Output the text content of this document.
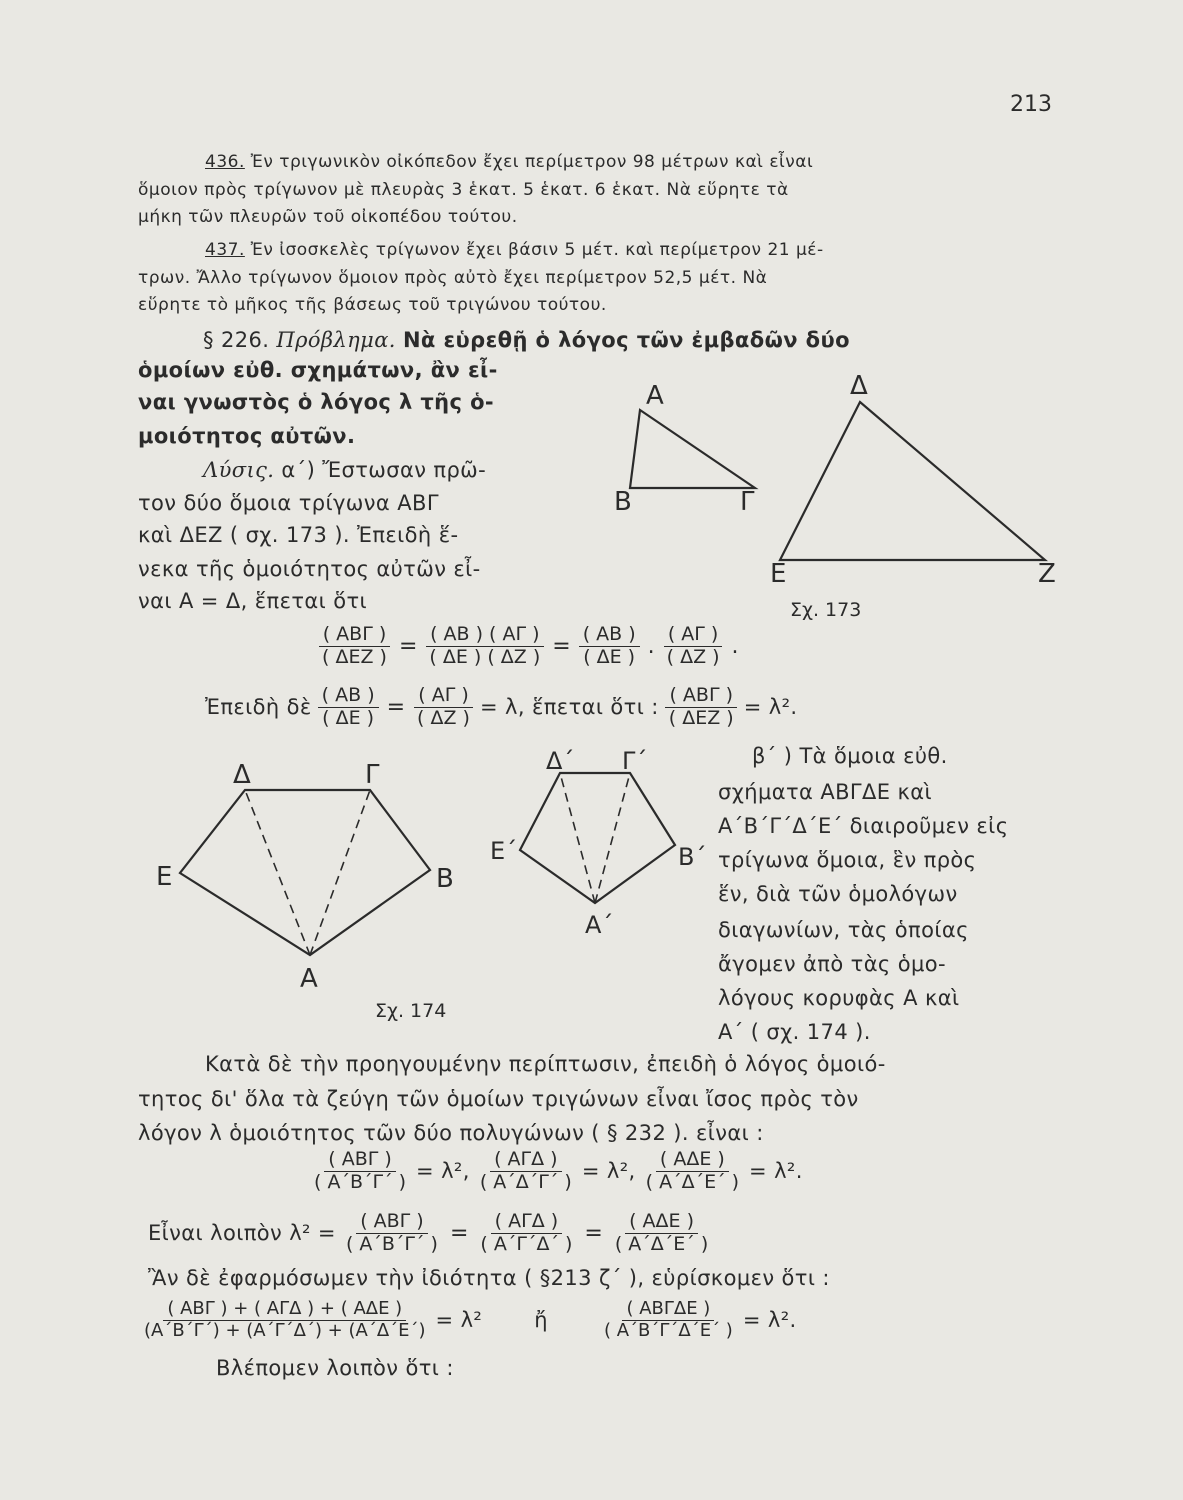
213
436. Ἐν τριγωνικὸν οἰκόπεδον ἔχει περίμετρον 98 μέτρων καὶ εἶναι
ὅμοιον πρὸς τρίγωνον μὲ πλευρὰς 3 ἑκατ. 5 ἑκατ. 6 ἑκατ. Νὰ εὕρητε τὰ
μήκη τῶν πλευρῶν τοῦ οἰκοπέδου τούτου.
437. Ἐν ἰσοσκελὲς τρίγωνον ἔχει βάσιν 5 μέτ. καὶ περίμετρον 21 μέ-
τρων. Ἄλλο τρίγωνον ὅμοιον πρὸς αὐτὸ ἔχει περίμετρον 52,5 μέτ. Νὰ
εὕρητε τὸ μῆκος τῆς βάσεως τοῦ τριγώνου τούτου.
§ 226. Πρόβλημα. Νὰ εὑρεθῇ ὁ λόγος τῶν ἐμβαδῶν δύο
ὁμοίων εὐθ. σχημάτων, ἂν εἶ-
ναι γνωστὸς ὁ λόγος λ τῆς ὁ-
μοιότητος αὐτῶν.
Λύσις. α΄) Ἔστωσαν πρῶ-
τον δύο ὅμοια τρίγωνα ΑΒΓ
καὶ ΔΕΖ ( σχ. 173 ). Ἐπειδὴ ἕ-
νεκα τῆς ὁμοιότητος αὐτῶν εἶ-
ναι Α = Δ, ἕπεται ὅτι
Α
Β	Γ
Δ
Ε	Ζ
Σχ. 173
$\frac{\text{( ΑΒΓ )}}{\text{( ΔΕΖ )}} = \frac{( AB ) ( A\Gamma )}{( \Delta E ) ( \Delta Z )} = \frac{( AB )}{( \Delta E )}$ . $\frac{( A\Gamma )}{( \Delta Z )}$ .
Ἐπειδὴ δὲ $\frac{( AB )}{( \Delta E )} = \frac{( A\Gamma )}{( \Delta Z )} = \lambda$, ἕπεται ὅτι : $\frac{\text{( ΑΒΓ )}}{\text{( ΔΕΖ )}} = \lambda^2$.
β΄ ) Τὰ ὅμοια εὐθ.
σχήματα ΑΒΓΔΕ καὶ
Α΄Β΄Γ΄Δ΄Ε΄ διαιροῦμεν εἰς
τρίγωνα ὅμοια, ἓν πρὸς
ἕν, διὰ τῶν ὁμολόγων
διαγωνίων, τὰς ὁποίας
ἄγομεν ἀπὸ τὰς ὁμο-
λόγους κορυφὰς Α καὶ
Α΄ ( σχ. 174 ).
Δ	Γ
Ε	Β
Α
Δ΄ Γ΄
Ε΄	Β΄
Α΄
Σχ. 174
Κατὰ δὲ τὴν προηγουμένην περίπτωσιν, ἐπειδὴ ὁ λόγος ὁμοιό-
τητος δι' ὅλα τὰ ζεύγη τῶν ὁμοίων τριγώνων εἶναι ἴσος πρὸς τὸν
λόγον λ ὁμοιότητος τῶν δύο πολυγώνων ( § 232 ). εἶναι :
$\frac{\text{( ΑΒΓ )}}{( A΄B΄\Gamma΄ )} = \lambda^2$, $\frac{\text{( ΑΓΔ )}}{( A΄\Delta΄\Gamma΄ )} = \lambda^2$, $\frac{\text{( ΑΔΕ )}}{( A΄\Delta΄E΄ )} = \lambda^2$.
Εἶναι λοιπὸν $\lambda^2 = \frac{\text{( ΑΒΓ )}}{( A΄B΄\Gamma΄ )} = \frac{\text{( ΑΓΔ )}}{( A΄\Gamma΄\Delta΄ )} = \frac{\text{( ΑΔΕ )}}{( A΄\Delta΄E΄ )}$
Ἂν δὲ ἐφαρμόσωμεν τὴν ἰδιότητα ( §213 ζ΄ ), εὑρίσκομεν ὅτι :
$\frac{\text{( ΑΒΓ ) + ( ΑΓΔ ) + ( ΑΔΕ )}}{(A΄B΄\Gamma΄) + (A΄\Gamma΄\Delta΄) + (A΄\Delta΄E΄)} = \lambda^2$	ἤ	$\frac{\text{( ΑΒΓΔΕ )}}{( A΄B΄\Gamma΄\Delta΄E΄ )} = \lambda^2$.
Βλέπομεν λοιπὸν ὅτι :
